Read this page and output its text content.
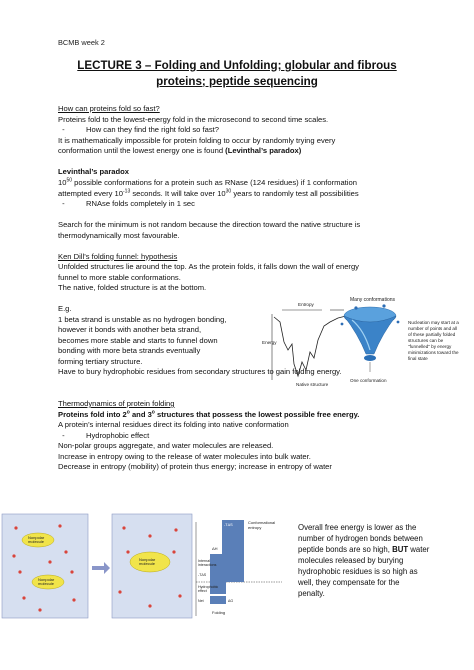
BCMB week 2
LECTURE 3 – Folding and Unfolding; globular and fibrous
proteins; peptide sequencing
How can proteins fold so fast?
Proteins fold to the lowest-energy fold in the microsecond to second time scales.
-	How can they find the right fold so fast?
It is mathematically impossible for protein folding to occur by randomly trying every
conformation until the lowest energy one is found (Levinthal’s paradox)
Levinthal’s paradox
$10^{50}$ possible conformations for a protein such as RNase (124 residues) if 1 conformation
attempted every $10^{-13}$ seconds. It will take over $10^{30}$ years to randomly test all possibilities
-	RNAse folds completely in 1 sec
Search for the minimum is not random because the direction toward the native structure is
thermodynamically most favourable.
Ken Dill’s folding funnel: hypothesis
Unfolded structures lie around the top. As the protein folds, it falls down the wall of energy
funnel to more stable conformations.
The native, folded structure is at the bottom.
E.g.
1 beta strand is unstable as no hydrogen bonding,
however it bonds with another beta strand,
becomes more stable and starts to funnel down
bonding with more beta strands eventually
forming tertiary structure.
Have to bury hydrophobic residues from secondary structures to gain folding energy.
Entropy
Energy
Native structure
Many conformations
One conformation
Nucleation may start at a
number of points and all
of these partially folded
structures can be
"funnelled" by energy
minimizations toward the
final state
Thermodynamics of protein folding
Proteins fold into 2$^o$ and 3$^o$ structures that possess the lowest possible free energy.
A protein’s internal residues direct its folding into native conformation
-	Hydrophobic effect
Non-polar groups aggregate, and water molecules are released.
Increase in entropy owing to the release of water molecules into bulk water.
Decrease in entropy (mobility) of protein thus energy; increase in entropy of water
Nonpolar
molecule
Nonpolar
molecule
Nonpolar
molecule
-TΔS	Conformational
entropy
ΔH
Internal
interactions
-TΔS
Hydrophobic
effect
Net	ΔG
Folding
Overall free energy is lower as the
number of hydrogen bonds between
peptide bonds are so high, BUT water
molecules released by burying
hydrophobic residues is so high as
well, they compensate for the
penalty.
